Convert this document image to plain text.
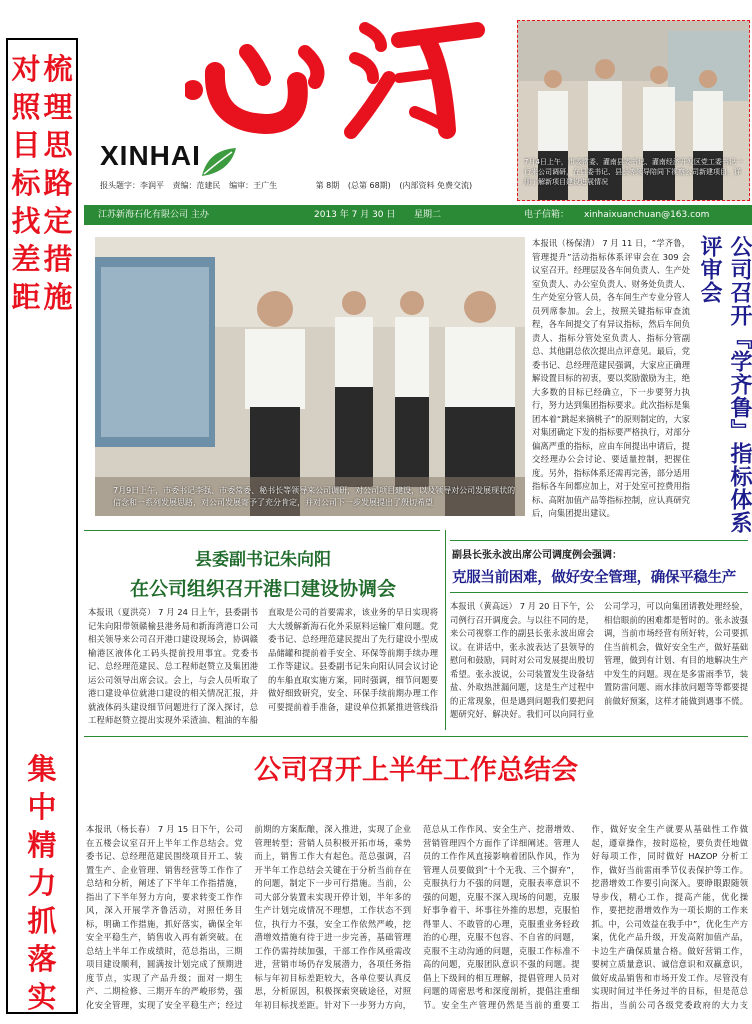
对照目标找差距
梳理思路定措施
集中精力抓落实
XINHAI
报头题字：李润平 责编：范建民 编审：王广生	第 8期 (总第 68期) (内部资料 免费交流)
7月4日上午，市委常委、灌南县委书记、灌南经济开发区党工委书记一行来公司调研，在县委书记、县长等领导陪同下视察公司新建项目，详细了解新项目建设进展情况
江苏新海石化有限公司 主办	2013 年 7 月 30 日 星期二	电子信箱： xinhaixuanchuan@163.com
7月9日上午，市委书记李强、市委常委、秘书长等领导来公司调研，对公司项目建设，以及领导对公司发展现状的信念和一系列发展思路，对公司发展寄予了充分肯定，并对公司下一步发展提出了殷切希望
本报讯（杨保清） 7 月 11 日，“学齐鲁，管理提升”活动指标体系评审会在 309 会议室召开。经理层及各车间负责人、生产处室负责人、办公室负责人、财务处负责人、生产处室分管人员，各车间生产专业分管人员列席参加。会上，按照关键指标审查流程，各车间提交了有异议指标，然后车间负责人、指标分管处室负责人、指标分管副总、其他副总依次提出点评意见。最后，党委书记、总经理范建民强调，大家应正确理解设置目标的初衷，要以奖励激励为主，绝大多数的目标已经确立，下一步要努力执行，努力达到集团指标要求。此次指标是集团本着“跳起来摘桃子”的原则制定的，大家对集团确定下发的指标要严格执行，对部分偏离严重的指标，应由车间提出申请后，提交经理办公会讨论、要适量控制，把握住度。另外，指标体系还需再完善，部分适用指标各车间都应加上，对于处室可控费用指标、高附加值产品等指标控制，应认真研究后，向集团提出建议。	公司召开『学齐鲁』指标体系评审会
县委副书记朱向阳
在公司组织召开港口建设协调会
本报讯（夏洪亮） 7 月 24 日上午，县委副书记朱向阳带领赣榆县港务局和新海湾港口公司相关领导来公司召开港口建设现场会，协调赣榆港区液体化工码头提前投用事宜。党委书记、总经理范建民、总工程师赵赞立及集团港运公司领导出席会议。会上，与会人员听取了港口建设单位就港口建设的相关情况汇报，并就液体码头建设细节问题进行了深入探讨，总工程师赵赞立提出实现外采渣油、粗油的车船直取是公司的首要需求，该业务的早日实现将大大缓解新海石化外采原料运输厂难问题。党委书记、总经理范建民提出了先行建设小型成品储罐和提前着手安全、环保等前期手续办理工作等建议。县委副书记朱向阳认同会议讨论的车船直取实施方案，同时强调，细节问题要做好细致研究，安全、环保手续前期办理工作可要提前着手准备，建设单位抓紧推进管线沿
副县长张永波出席公司调度例会强调：
克服当前困难，做好安全管理，确保平稳生产
本报讯（黄高远） 7 月 20 日下午，公司例行召开调度会。与以往不同的是，来公司视察工作的副县长张永波出席会议。在讲话中，张永波表达了县领导的慰问和鼓励，同时对公司发展提出殷切希望。张永波说，公司装置发生设备结盐、外取热泄漏问题，这是生产过程中的正常现象，但是遇到问题我们要把问题研究好、解决好。我们可以向同行业公司学习，可以向集团请教处理经验，相信眼前的困难都是暂时的。张永波强调，当前市场经营有所好转，公司要抓住当前机会，做好安全生产，做好基础管理，做到有计划、有目的地解决生产中发生的问题。现在是多雷雨季节，装置防雷问题、雨水排放问题等等都要提前做好预案，这样才能做到遇事不慌。
公司召开上半年工作总结会
本报讯（杨长春） 7 月 15 日下午，公司在五楼会议室召开上半年工作总结会。党委书记、总经理范建民围绕项目开工、装置生产、企业管理、销售经营等工作作了总结和分析，阐述了下半年工作指措施，指出了下半年努力方向，要求转变工作作风，深入开展学齐鲁活动，对照任务目标，明确工作措施，抓好落实，确保全年安全平稳生产，销售收入再有新突破。在总结上半年工作成绩时，范总指出，三期项目建设顺利，圆满按计划完成了预期进度节点，实现了产品升级；面对一期生产、二期检修、三期开车的严峻形势，强化安全管理，实现了安全平稳生产；经过前期的方案酝酿，深入推进，实现了企业管理转型；营销人员积极开拓市场，乘势而上，销售工作大有起色。范总强调，召开半年工作总结会关键在于分析当前存在的问题，制定下一步可行措施。当前，公司大部分装置未实现开停计划，半年多的生产计划完成情况不理想，工作状态不到位，执行力不强，安全工作依然严峻，挖潜增效措施有待于进一步完善，基础管理工作仍需持续加强，干部工作作风亟需改进，营销市场仍存发展潜力，各项任务指标与年初目标差距较大，各单位要认真反思，分析原因，积极探索突破途径，对照年初目标找差距。针对下一步努力方向，范总从工作作风、安全生产、挖潜增效、营销管理四个方面作了详细阐述。管理人员的工作作风直接影响着团队作风，作为管理人员要做到“十个无我、三个摒弃”，克服执行力不强的问题，克服表率意识不强的问题，克服不深入现场的问题，克服好事争着干、坏事往外推的思想，克服怕得罪人、不敢管的心理，克服重业务轻政治的心理，克服不包容、不自省的问题，克服不主动沟通的问题，克服工作标准不高的问题，克服团队意识不强的问题。提倡上下级间的相互理解，提倡管理人员对问题的周密思考和深度剖析，提倡注重细节。安全生产管理仍然是当前的重要工作，做好安全生产就要从基础性工作做起，遵章操作，按时巡检，要负责任地做好每项工作，同时做好 HAZOP 分析工作，做好当前雷雨季节仪表保护等工作。挖潜增效工作要引向深入。要睁眼跟随领导步伐，精心工作，提高产能，优化操作，要把挖潜增效作为一项长期的工作来抓。中，公司效益在我手中”，优化生产方案，优化产品升级，开发高附加值产品，卡边生产确保质量合格。做好营销工作，要树立质量意识、诚信意识和双赢意识，做好成品销售和市场开发工作。尽管没有实现时间过半任务过半的目标，但是范总指出，当前公司各级党委政府的大力支
